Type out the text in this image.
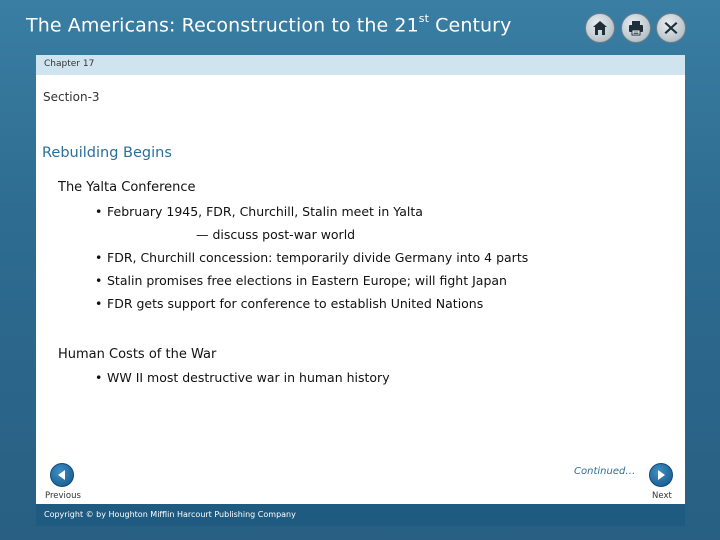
The Americans: Reconstruction to the 21st Century
Chapter 17
Section-3
Rebuilding Begins
The Yalta Conference
• February 1945, FDR, Churchill, Stalin meet in Yalta
— discuss post-war world
• FDR, Churchill concession: temporarily divide Germany into 4 parts
• Stalin promises free elections in Eastern Europe; will fight Japan
• FDR gets support for conference to establish United Nations
Human Costs of the War
• WW II most destructive war in human history
Continued…
Previous	Next
Copyright © by Houghton Mifflin Harcourt Publishing Company
